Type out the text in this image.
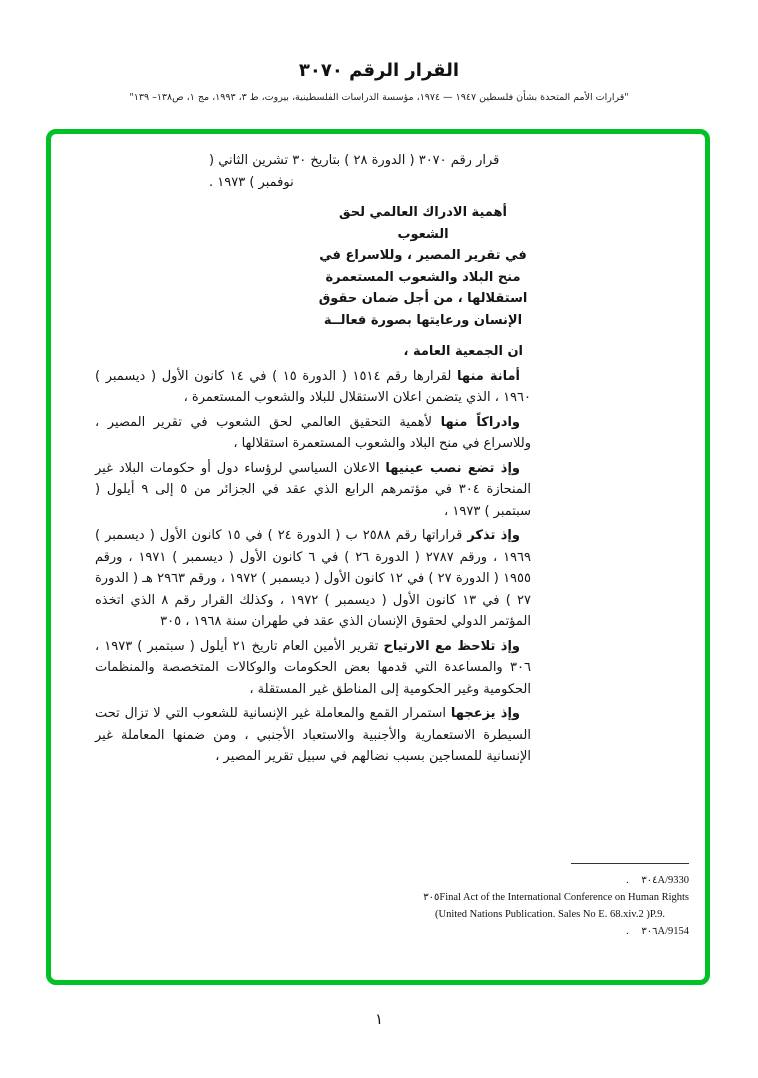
القرار الرقم ٣٠٧٠
"قرارات الأمم المتحدة بشأن فلسطين ١٩٤٧ — ١٩٧٤، مؤسسة الدراسات الفلسطينية، بيروت، ط ٣، ١٩٩٣، مج ١، ص١٣٨– ١٣٩"

قرار رقم ٣٠٧٠ ( الدورة ٢٨ ) بتاريخ ٣٠ تشرين الثاني ( نوفمبر ) ١٩٧٣ .

أهمية الادراك العالمي لحق الشعوب
في تقرير المصير ، وللاسراع في
منح البلاد والشعوب المستعمرة
استقلالها ، من أجل ضمان حقوق
الإنسان ورعايتها بصورة فعالــة

ان الجمعية العامة ،

أمانة منها لقرارها رقم ١٥١٤ ( الدورة ١٥ ) في ١٤ كانون الأول ( ديسمبر ) ١٩٦٠ ، الذي يتضمن اعلان الاستقلال للبلاد والشعوب المستعمرة ،

وادراكاً منها لأهمية التحقيق العالمي لحق الشعوب في تقرير المصير ، وللاسراع في منح البلاد والشعوب المستعمرة استقلالها ،

وإذ تضع نصب عينيها الاعلان السياسي لرؤساء دول أو حكومات البلاد غير المنحازة ٣٠٤ في مؤتمرهم الرابع الذي عقد في الجزائر من ٥ إلى ٩ أيلول ( سبتمبر ) ١٩٧٣ ،

وإذ تذكر قراراتها رقم ٢٥٨٨ ب ( الدورة ٢٤ ) في ١٥ كانون الأول ( ديسمبر ) ١٩٦٩ ، ورقم ٢٧٨٧ ( الدورة ٢٦ ) في ٦ كانون الأول ( ديسمبر ) ١٩٧١ ، ورقم ١٩٥٥ ( الدورة ٢٧ ) في ١٢ كانون الأول ( ديسمبر ) ١٩٧٢ ، ورقم ٢٩٦٣ هـ ( الدورة ٢٧ ) في ١٣ كانون الأول ( ديسمبر ) ١٩٧٢ ، وكذلك القرار رقم ٨ الذي اتخذه المؤتمر الدولي لحقوق الإنسان الذي عقد في طهران سنة ١٩٦٨ ، ٣٠٥

وإذ تلاحظ مع الارتياح تقرير الأمين العام تاريخ ٢١ أيلول ( سبتمبر ) ١٩٧٣ ، ٣٠٦ والمساعدة التي قدمها بعض الحكومات والوكالات المتخصصة والمنظمات الحكومية وغير الحكومية إلى المناطق غير المستقلة ،

وإذ يزعجها استمرار القمع والمعاملة غير الإنسانية للشعوب التي لا تزال تحت السيطرة الاستعمارية والأجنبية والاستعباد الأجنبي ، ومن ضمنها المعاملة غير الإنسانية للمساجين بسبب نضالهم في سبيل تقرير المصير ،

٣٠٤A/9330 .
٣٠٥Final Act of the International Conference on Human Rights
(United Nations Publication. Sales No E. 68.xiv.2 )P.9.
٣٠٦A/9154 .
١
